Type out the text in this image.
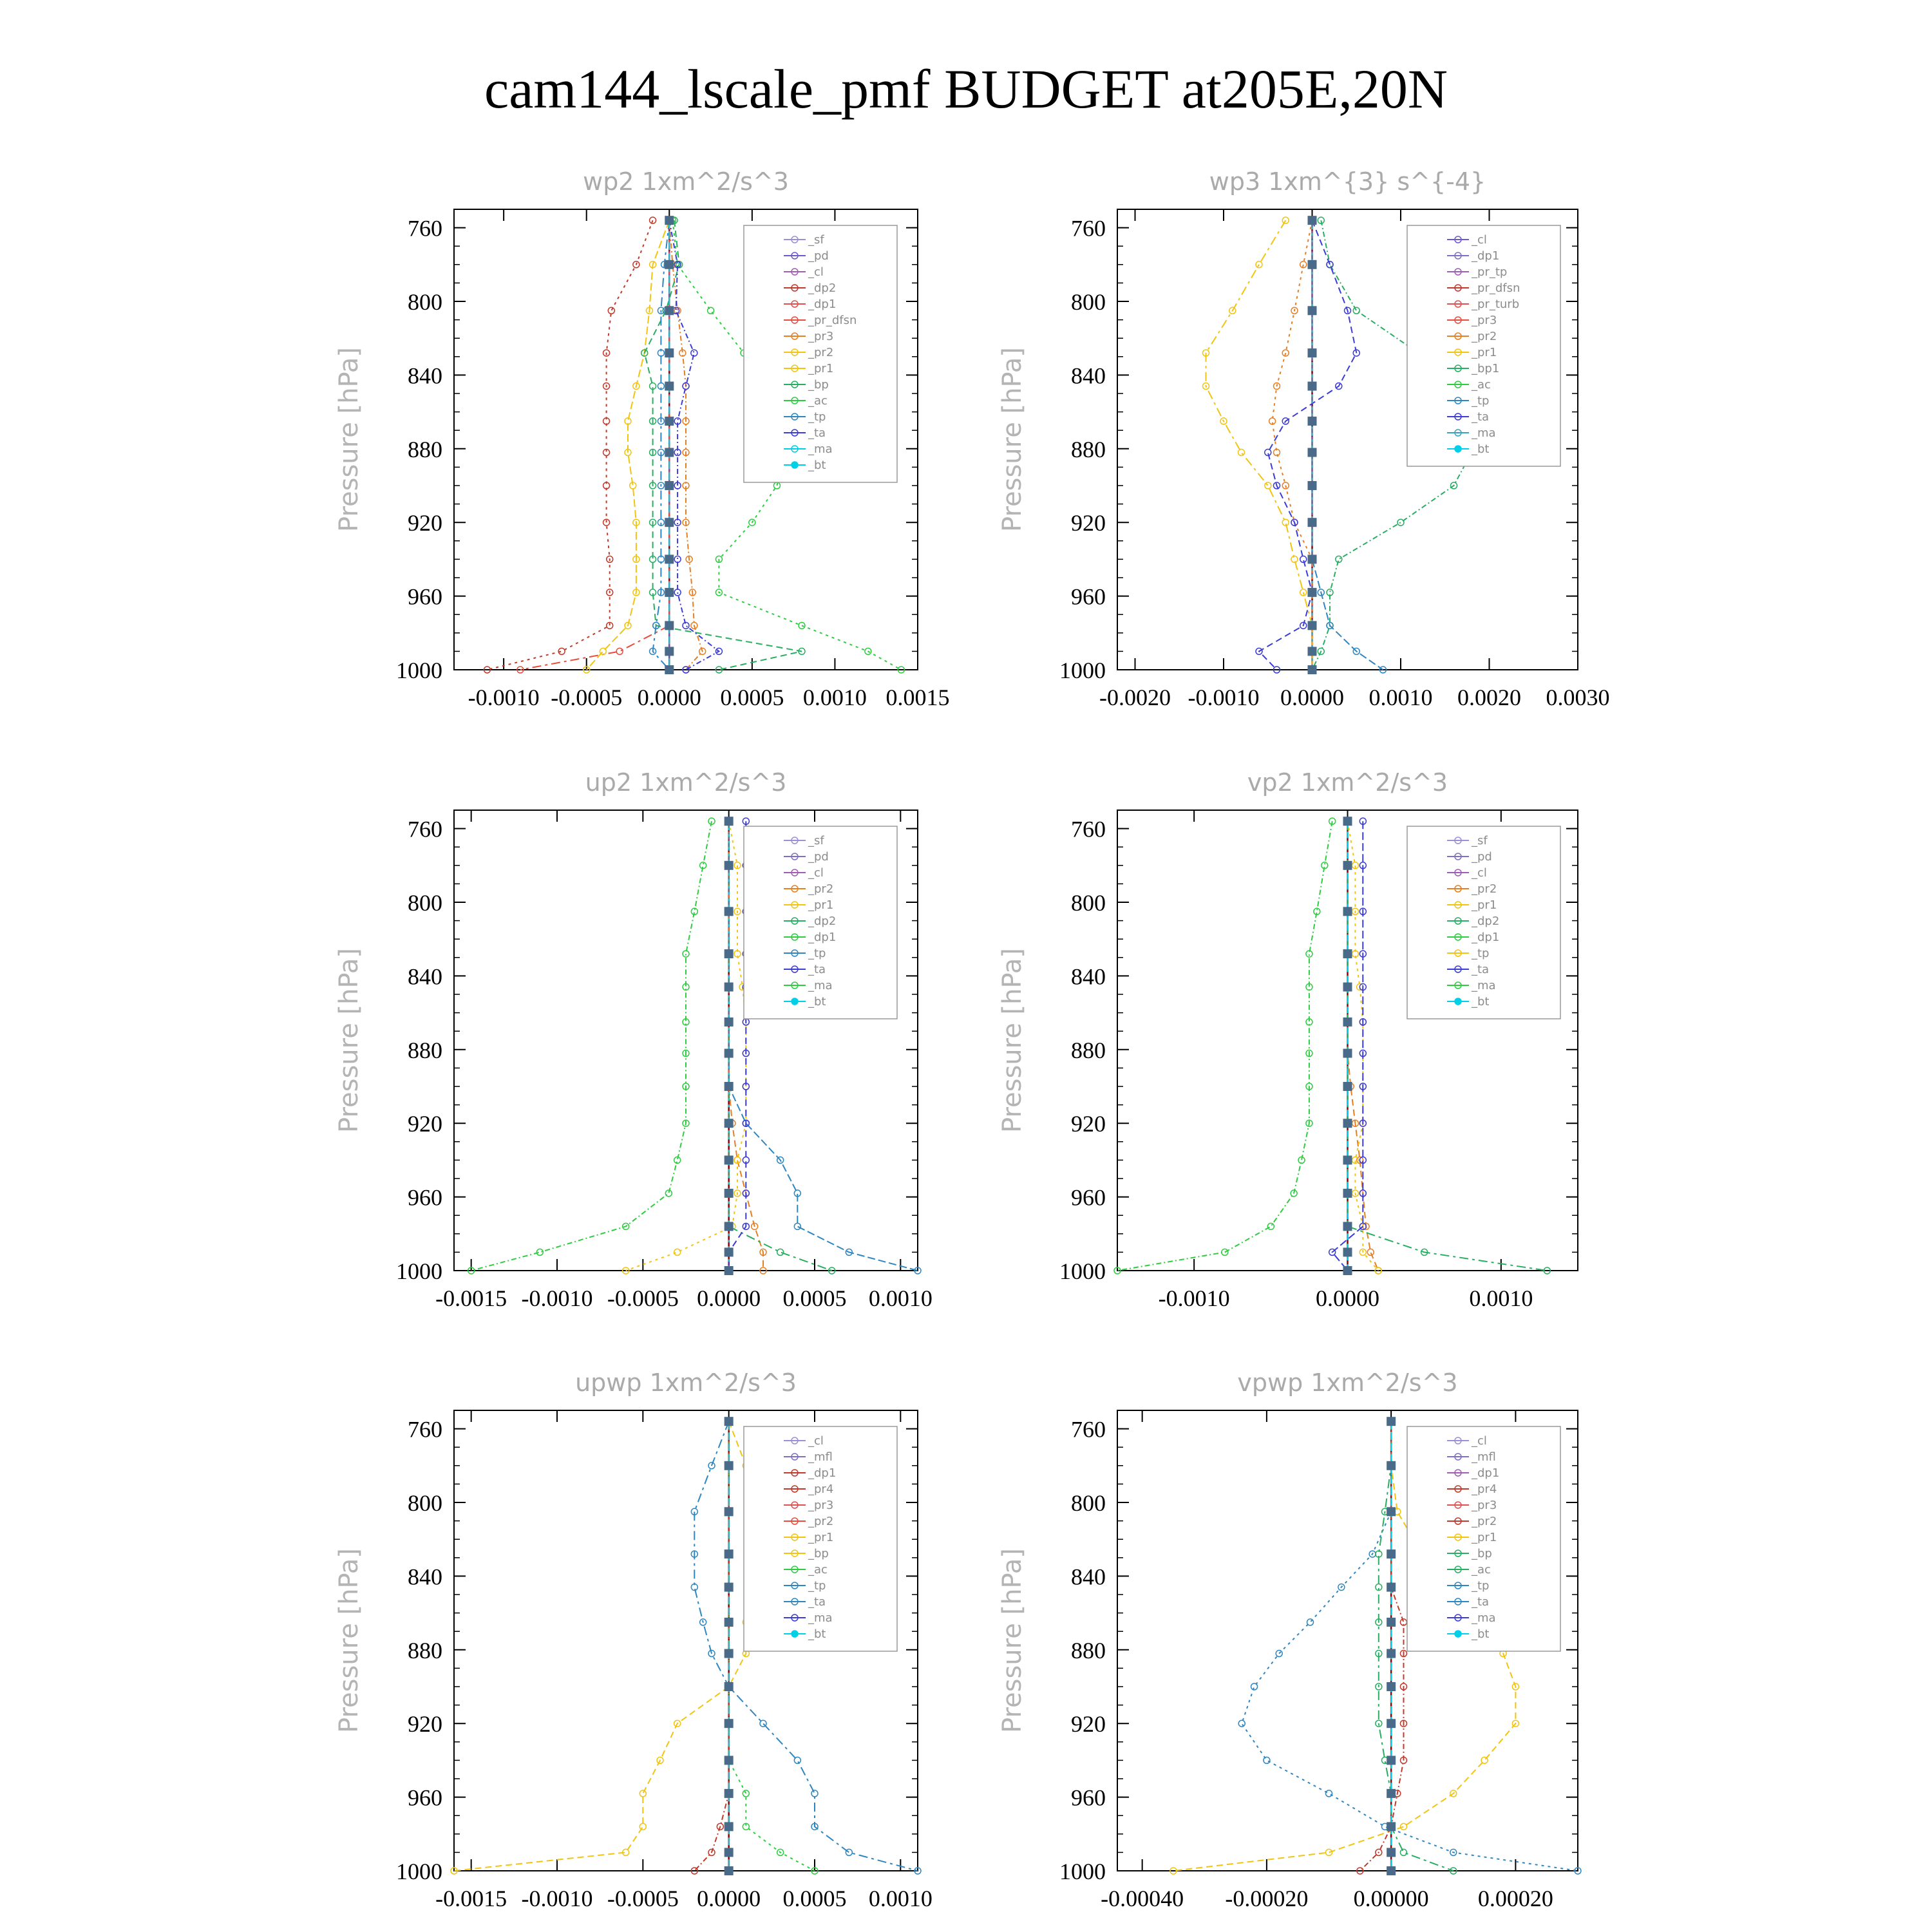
cam144_lscale_pmf BUDGET at205E,20N
wp2 1xm^2/s^3
Pressure [hPa]
760
800
840
880
920
960
1000
-0.0010 -0.0005 0.0000 0.0005 0.0010 0.0015
_sf
_pd
_cl
_dp2
_dp1
_pr_dfsn
_pr3
_pr2
_pr1
_bp
_ac
_tp
_ta
_ma
_bt
wp3 1xm^{3} s^{-4}
Pressure [hPa]
760
800
840
880
920
960
1000
-0.0020 -0.0010 0.0000 0.0010 0.0020 0.0030
_cl
_dp1
_pr_tp
_pr_dfsn
_pr_turb
_pr3
_pr2
_pr1
_bp1
_ac
_tp
_ta
_ma
_bt
up2 1xm^2/s^3
Pressure [hPa]
760
800
840
880
920
960
1000
-0.0015 -0.0010 -0.0005 0.0000 0.0005 0.0010
_sf
_pd
_cl
_pr2
_pr1
_dp2
_dp1
_tp
_ta
_ma
_bt
vp2 1xm^2/s^3
Pressure [hPa]
760
800
840
880
920
960
1000
-0.0010	0.0000	0.0010
_sf
_pd
_cl
_pr2
_pr1
_dp2
_dp1
_tp
_ta
_ma
_bt
upwp 1xm^2/s^3
Pressure [hPa]
760
800
840
880
920
960
1000
-0.0015 -0.0010 -0.0005 0.0000 0.0005 0.0010
_cl
_mfl
_dp1
_pr4
_pr3
_pr2
_pr1
_bp
_ac
_tp
_ta
_ma
_bt
vpwp 1xm^2/s^3
Pressure [hPa]
760
800
840
880
920
960
1000
-0.00040 -0.00020 0.00000 0.00020
_cl
_mfl
_dp1
_pr4
_pr3
_pr2
_pr1
_bp
_ac
_tp
_ta
_ma
_bt
